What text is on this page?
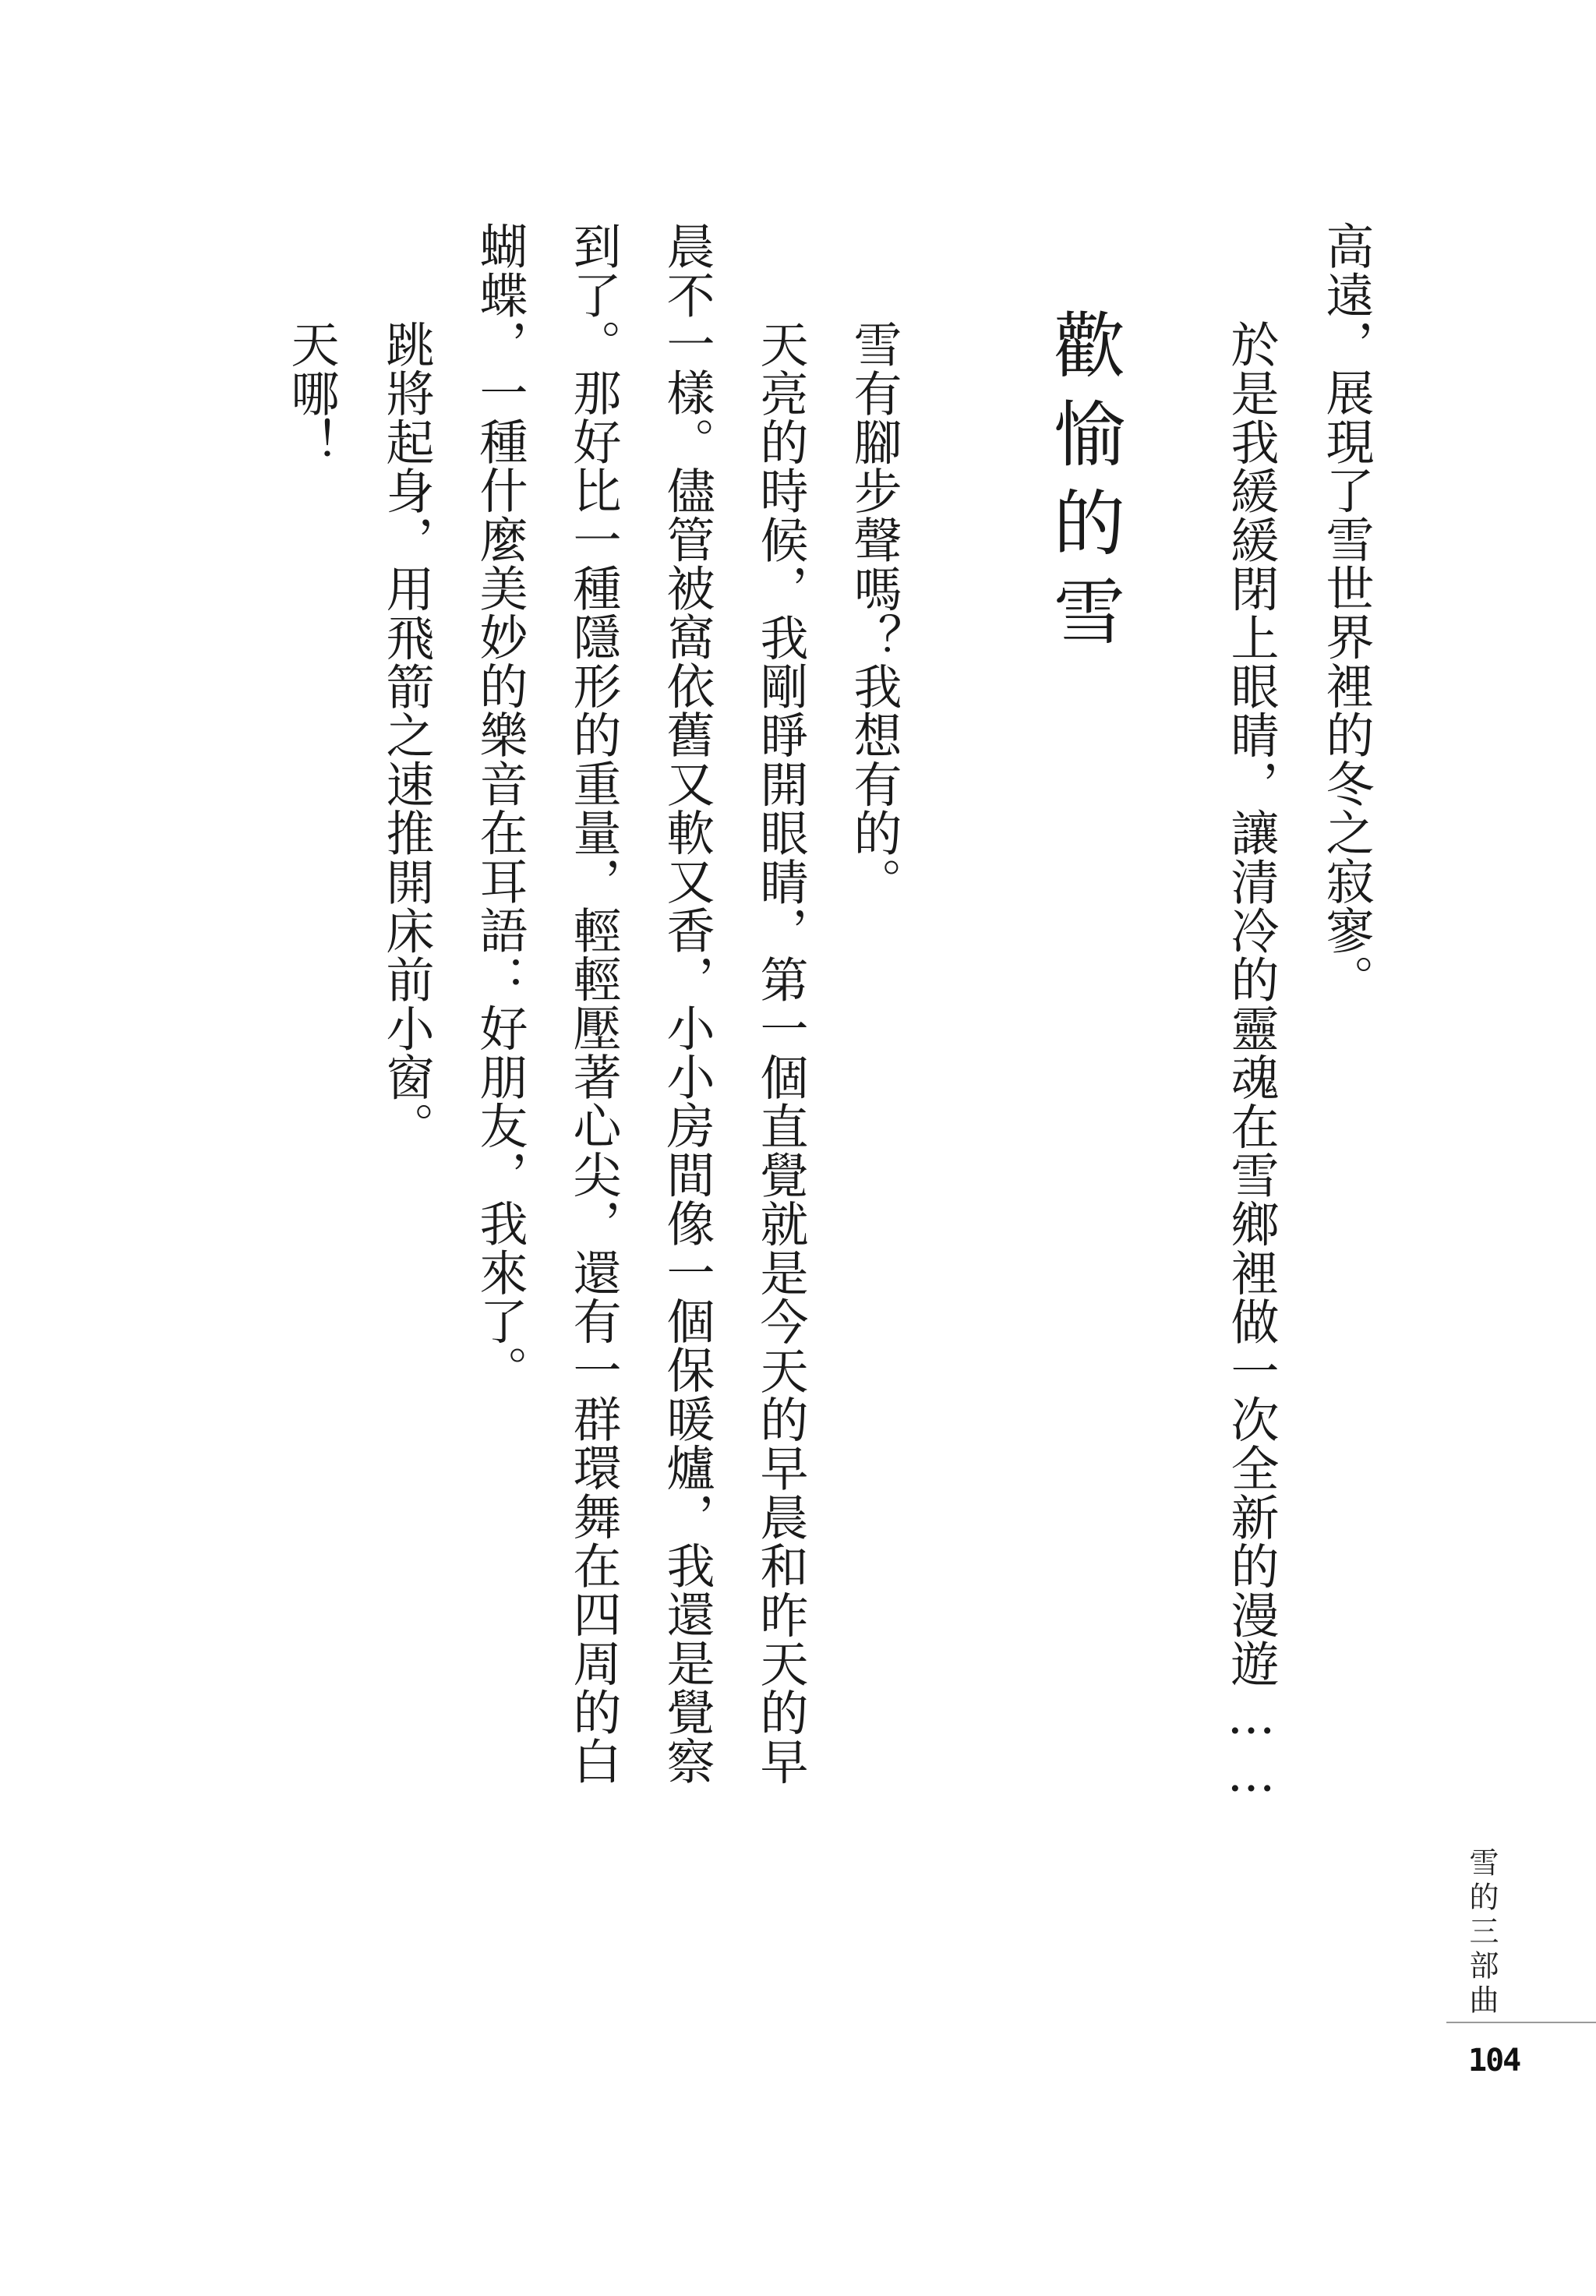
高遠，展現了雪世界裡的冬之寂寥。
於是我緩緩閉上眼睛，讓清冷的靈魂在雪鄉裡做一次全新的漫遊……
歡愉的雪
雪有腳步聲嗎？我想有的。
天亮的時候，我剛睜開眼睛，第一個直覺就是今天的早晨和昨天的早
晨不一樣。儘管被窩依舊又軟又香，小小房間像一個保暖爐，我還是覺察
到了。那好比一種隱形的重量，輕輕壓著心尖，還有一群環舞在四周的白
蝴蝶，一種什麼美妙的樂音在耳語：好朋友，我來了。
跳將起身，用飛箭之速推開床前小窗。
天哪！
雪的三部曲
104
